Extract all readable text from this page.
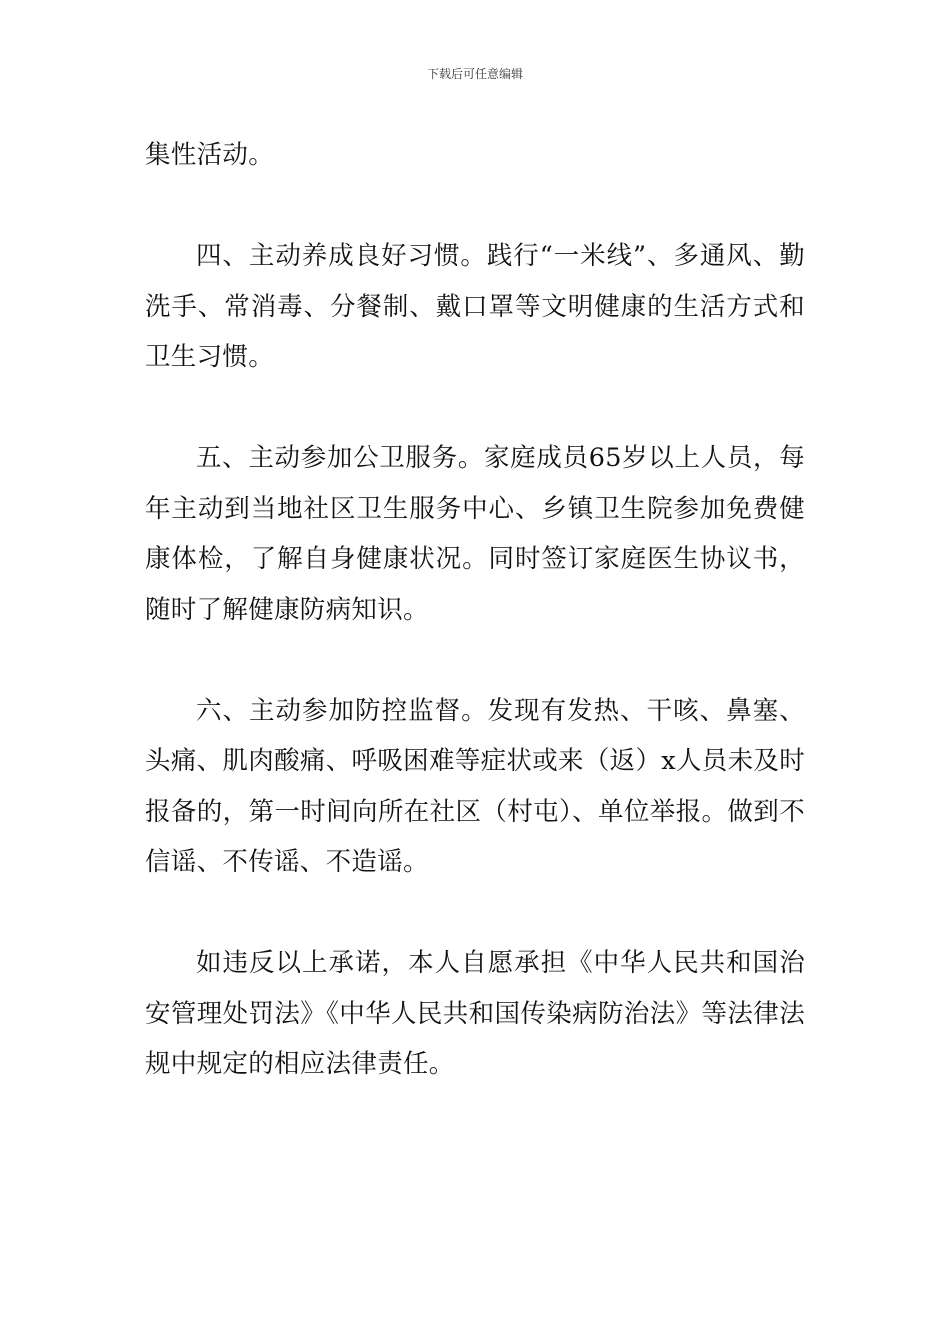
下载后可任意编辑

集性活动。

四、主动养成良好习惯。践行“一米线”、多通风、勤洗手、常消毒、分餐制、戴口罩等文明健康的生活方式和卫生习惯。

五、主动参加公卫服务。家庭成员65岁以上人员，每年主动到当地社区卫生服务中心、乡镇卫生院参加免费健康体检，了解自身健康状况。同时签订家庭医生协议书，随时了解健康防病知识。

六、主动参加防控监督。发现有发热、干咳、鼻塞、头痛、肌肉酸痛、呼吸困难等症状或来（返）x人员未及时报备的，第一时间向所在社区（村屯）、单位举报。做到不信谣、不传谣、不造谣。

如违反以上承诺，本人自愿承担《中华人民共和国治安管理处罚法》《中华人民共和国传染病防治法》等法律法规中规定的相应法律责任。
